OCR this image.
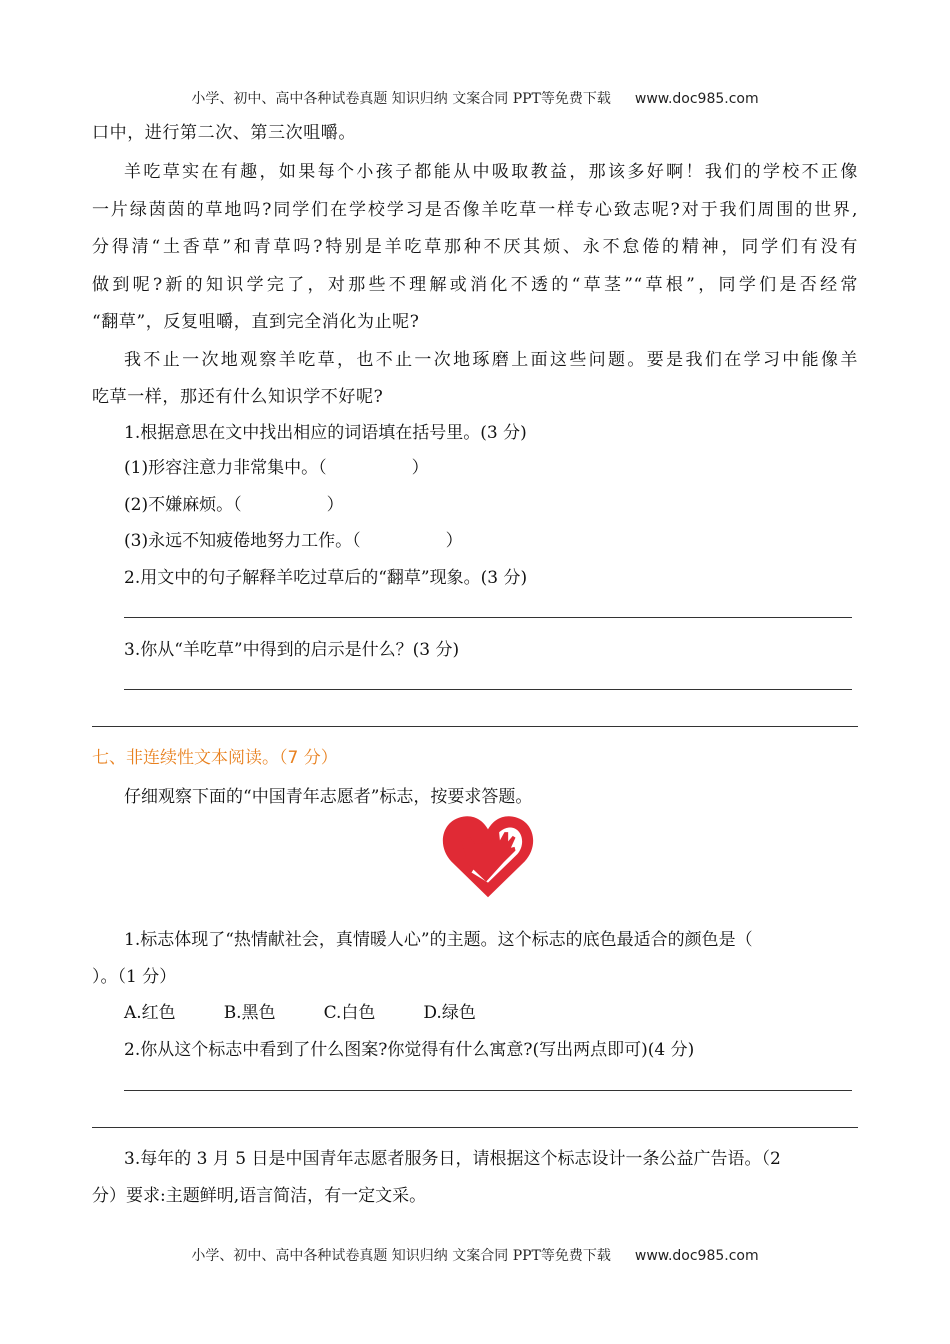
小学、初中、高中各种试卷真题 知识归纳 文案合同 PPT等免费下载 www.doc985.com
口中，进行第二次、第三次咀嚼。
羊吃草实在有趣，如果每个小孩子都能从中吸取教益，那该多好啊！我们的学校不正像
一片绿茵茵的草地吗?同学们在学校学习是否像羊吃草一样专心致志呢?对于我们周围的世界,
分得清“土香草”和青草吗?特别是羊吃草那种不厌其烦、永不怠倦的精神，同学们有没有
做到呢?新的知识学完了，对那些不理解或消化不透的“草茎”“草根”，同学们是否经常
“翻草”，反复咀嚼，直到完全消化为止呢?
我不止一次地观察羊吃草，也不止一次地琢磨上面这些问题。要是我们在学习中能像羊
吃草一样，那还有什么知识学不好呢?
1.根据意思在文中找出相应的词语填在括号里。(3 分)
(1)形容注意力非常集中。（　　　　　）
(2)不嫌麻烦。（　　　　　）
(3)永远不知疲倦地努力工作。（　　　　　）
2.用文中的句子解释羊吃过草后的“翻草”现象。(3 分)
3.你从“羊吃草”中得到的启示是什么？(3 分)
七、非连续性文本阅读。（7 分）
仔细观察下面的“中国青年志愿者”标志，按要求答题。
1.标志体现了“热情献社会，真情暖人心”的主题。这个标志的底色最适合的颜色是（
）。（1 分）
A.红色	B.黑色	C.白色	D.绿色
2.你从这个标志中看到了什么图案?你觉得有什么寓意?(写出两点即可)(4 分)
3.每年的 3 月 5 日是中国青年志愿者服务日，请根据这个标志设计一条公益广告语。（2
分）要求:主题鲜明,语言简洁，有一定文采。
小学、初中、高中各种试卷真题 知识归纳 文案合同 PPT等免费下载 www.doc985.com
